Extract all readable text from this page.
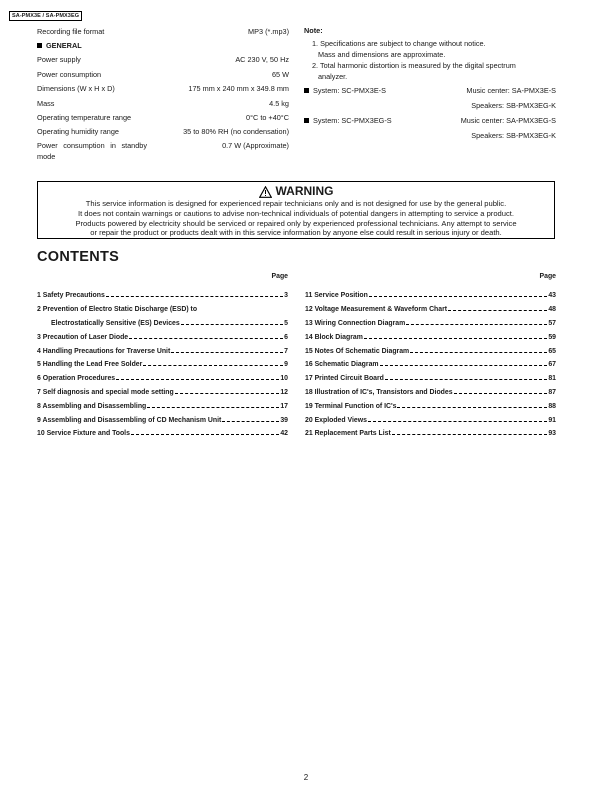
SA-PMX3E / SA-PMX3EG
Recording file format	MP3 (*.mp3)
GENERAL
Power supply	AC 230 V, 50 Hz
Power consumption	65 W
Dimensions (W x H x D)	175 mm x 240 mm x 349.8 mm
Mass	4.5 kg
Operating temperature range	0°C to +40°C
Operating humidity range	35 to 80% RH (no condensation)
Power consumption in standby
mode
0.7 W (Approximate)
Note:
1. Specifications are subject to change without notice.
Mass and dimensions are approximate.
2. Total harmonic distortion is measured by the digital spectrum
analyzer.
System: SC-PMX3E-S	Music center: SA-PMX3E-S
Speakers: SB-PMX3EG-K
System: SC-PMX3EG-S	Music center: SA-PMX3EG-S
Speakers: SB-PMX3EG-K
WARNING
This service information is designed for experienced repair technicians only and is not designed for use by the general public.
It does not contain warnings or cautions to advise non-technical individuals of potential dangers in attempting to service a product.
Products powered by electricity should be serviced or repaired only by experienced professional technicians. Any attempt to service
or repair the product or products dealt with in this service information by anyone else could result in serious injury or death.
CONTENTS
Page
1 Safety Precautions	3
2 Prevention of Electro Static Discharge (ESD) to
Electrostatically Sensitive (ES) Devices	5
3 Precaution of Laser Diode	6
4 Handling Precautions for Traverse Unit	7
5 Handling the Lead Free Solder	9
6 Operation Procedures	10
7 Self diagnosis and special mode setting	12
8 Assembling and Disassembling	17
9 Assembling and Disassembling of CD Mechanism Unit	39
10 Service Fixture and Tools	42
Page
11 Service Position	43
12 Voltage Measurement & Waveform Chart	48
13 Wiring Connection Diagram	57
14 Block Diagram	59
15 Notes Of Schematic Diagram	65
16 Schematic Diagram	67
17 Printed Circuit Board	81
18 Illustration of IC's, Transistors and Diodes	87
19 Terminal Function of IC's	88
20 Exploded Views	91
21 Replacement Parts List	93
2
